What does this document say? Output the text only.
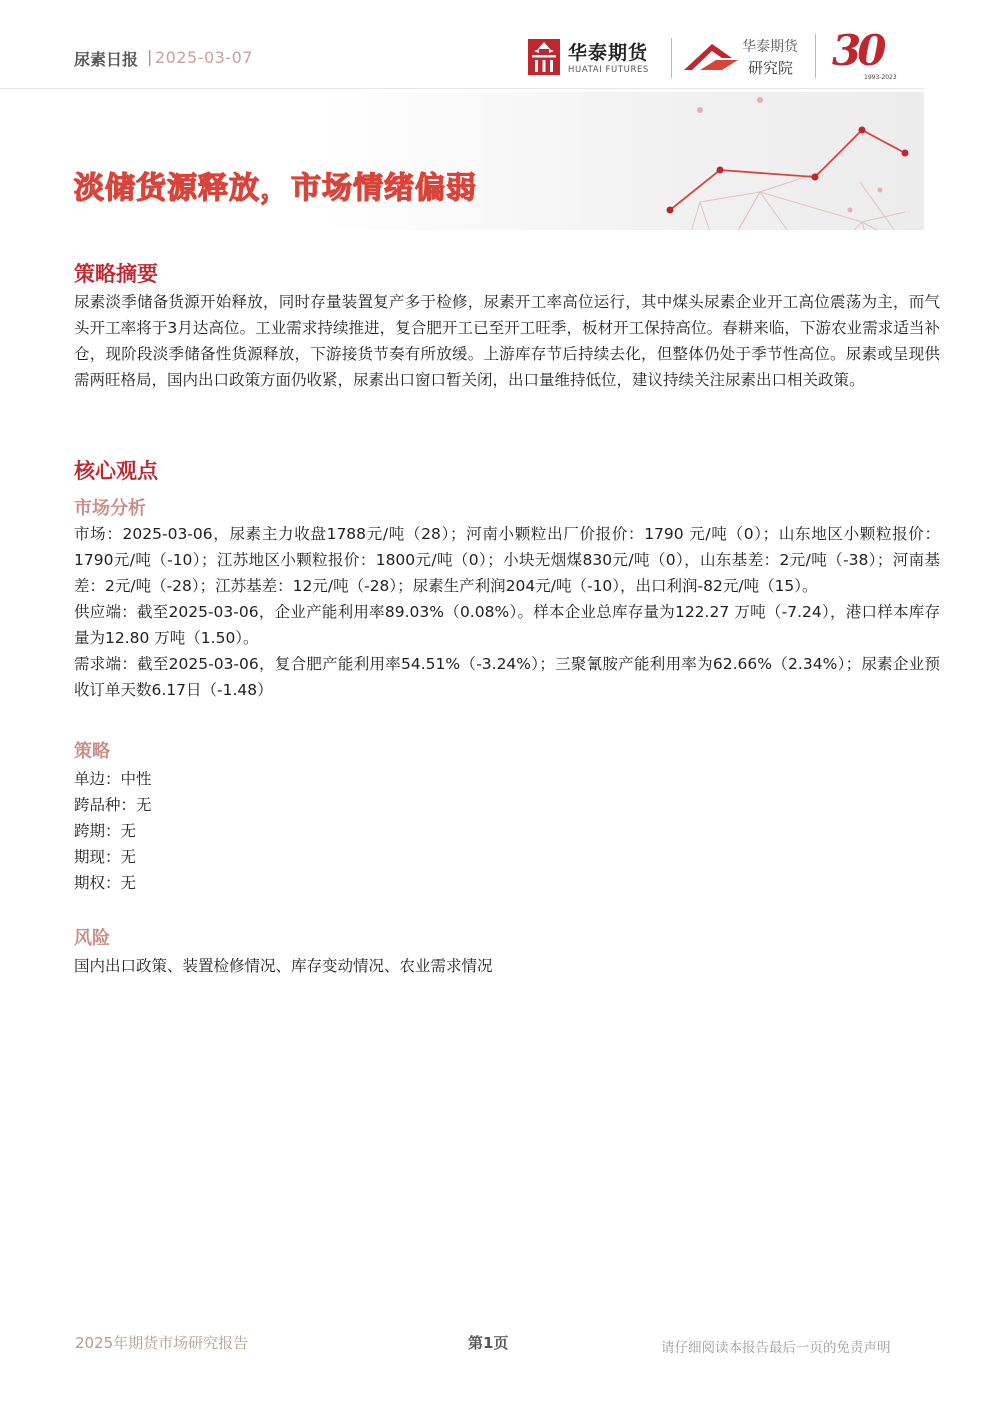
尿素日报 | 2025-03-07	华泰期货
HUATAI FUTURES
华泰期货
研究院 30
1993-2023
淡储货源释放，市场情绪偏弱
策略摘要
尿素淡季储备货源开始释放，同时存量装置复产多于检修，尿素开工率高位运行，其中煤头尿素企业开工高位震荡为主，而气头开工率将于3月达高位。工业需求持续推进，复合肥开工已至开工旺季，板材开工保持高位。春耕来临，下游农业需求适当补仓，现阶段淡季储备性货源释放，下游接货节奏有所放缓。上游库存节后持续去化，但整体仍处于季节性高位。尿素或呈现供需两旺格局，国内出口政策方面仍收紧，尿素出口窗口暂关闭，出口量维持低位，建议持续关注尿素出口相关政策。
核心观点
市场分析

市场：2025-03-06，尿素主力收盘1788元/吨（28）；河南小颗粒出厂价报价：1790 元/吨（0）；山东地区小颗粒报价：1790元/吨（-10）；江苏地区小颗粒报价：1800元/吨（0）；小块无烟煤830元/吨（0），山东基差：2元/吨（-38）；河南基差：2元/吨（-28）；江苏基差：12元/吨（-28）；尿素生产利润204元/吨（-10），出口利润-82元/吨（15）。

供应端：截至2025-03-06，企业产能利用率89.03%（0.08%）。样本企业总库存量为122.27 万吨（-7.24），港口样本库存量为12.80 万吨（1.50）。

需求端：截至2025-03-06，复合肥产能利用率54.51%（-3.24%）；三聚氰胺产能利用率为62.66%（2.34%）；尿素企业预收订单天数6.17日（-1.48）

策略
单边：中性
跨品种：无
跨期：无
期现：无
期权：无
风险
国内出口政策、装置检修情况、库存变动情况、农业需求情况
2025年期货市场研究报告	第1页	请仔细阅读本报告最后一页的免责声明
